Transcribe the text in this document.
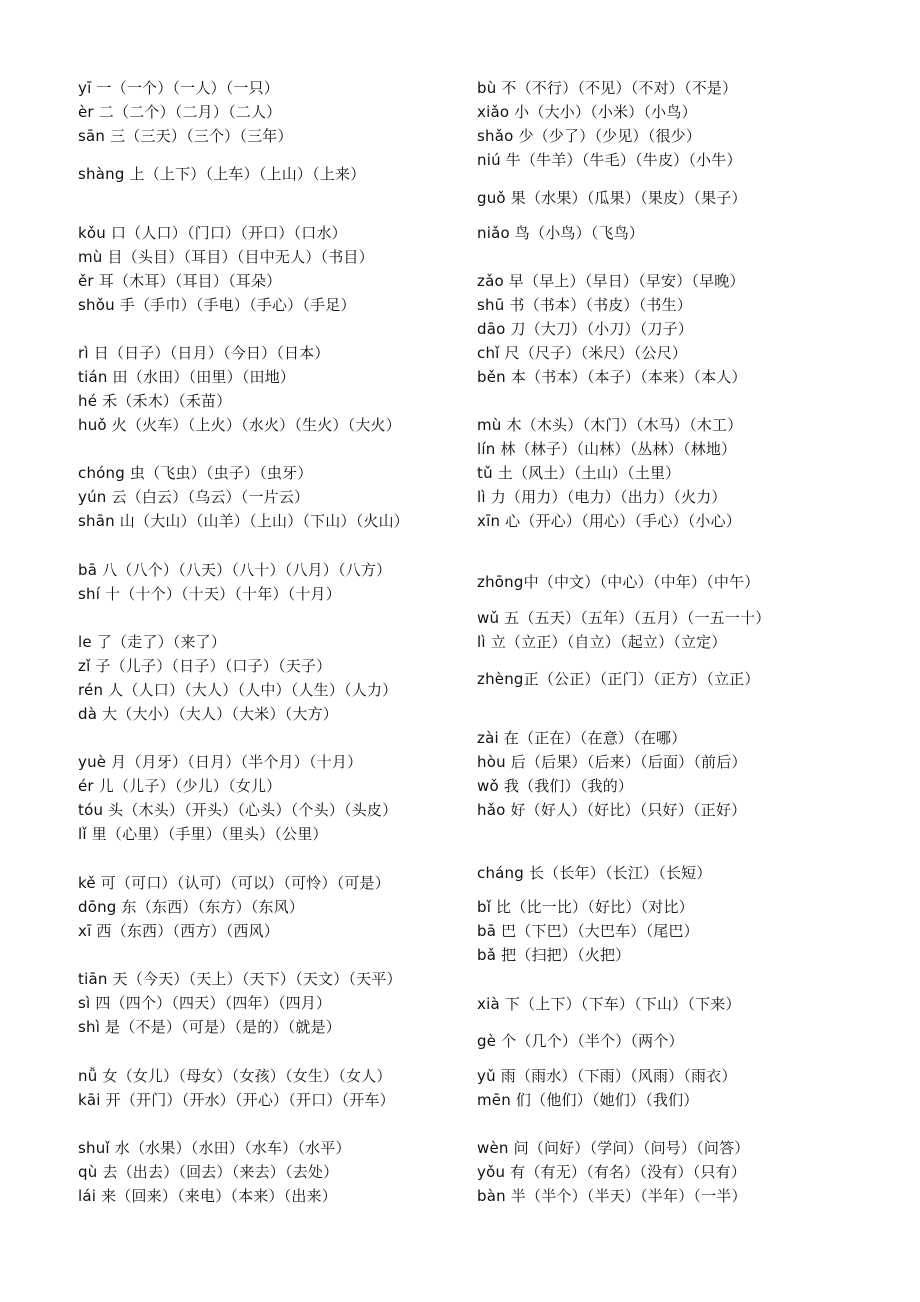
yī 一（一个）（一人）（一只）
èr 二（二个）（二月）（二人）
sān 三（三天）（三个）（三年）
shàng 上（上下）（上车）（上山）（上来）
kǒu 口（人口）（门口）（开口）（口水）
mù 目（头目）（耳目）（目中无人）（书目）
ěr 耳（木耳）（耳目）（耳朵）
shǒu 手（手巾）（手电）（手心）（手足）
rì 日（日子）（日月）（今日）（日本）
tián 田（水田）（田里）（田地）
hé 禾（禾木）（禾苗）
huǒ 火（火车）（上火）（水火）（生火）（大火）
chóng 虫（飞虫）（虫子）（虫牙）
yún 云（白云）（乌云）（一片云）
shān 山（大山）（山羊）（上山）（下山）（火山）
bā 八（八个）（八天）（八十）（八月）（八方）
shí 十（十个）（十天）（十年）（十月）
le 了（走了）（来了）
zǐ 子（儿子）（日子）（口子）（天子）
rén 人（人口）（大人）（人中）（人生）（人力）
dà 大（大小）（大人）（大米）（大方）
yuè 月（月牙）（日月）（半个月）（十月）
ér 儿（儿子）（少儿）（女儿）
tóu 头（木头）（开头）（心头）（个头）（头皮）
lǐ 里（心里）（手里）（里头）（公里）
kě 可（可口）（认可）（可以）（可怜）（可是）
dōng 东（东西）（东方）（东风）
xī 西（东西）（西方）（西风）
tiān 天（今天）（天上）（天下）（天文）（天平）
sì 四（四个）（四天）（四年）（四月）
shì 是（不是）（可是）（是的）（就是）
nǚ 女（女儿）（母女）（女孩）（女生）（女人）
kāi 开（开门）（开水）（开心）（开口）（开车）
shuǐ 水（水果）（水田）（水车）（水平）
qù 去（出去）（回去）（来去）（去处）
lái 来（回来）（来电）（本来）（出来）
bù 不（不行）（不见）（不对）（不是）
xiǎo 小（大小）（小米）（小鸟）
shǎo 少（少了）（少见）（很少）
niú 牛（牛羊）（牛毛）（牛皮）（小牛）
guǒ 果（水果）（瓜果）（果皮）（果子）
niǎo 鸟（小鸟）（飞鸟）
zǎo 早（早上）（早日）（早安）（早晚）
shū 书（书本）（书皮）（书生）
dāo 刀（大刀）（小刀）（刀子）
chǐ 尺（尺子）（米尺）（公尺）
běn 本（书本）（本子）（本来）（本人）
mù 木（木头）（木门）（木马）（木工）
lín 林（林子）（山林）（丛林）（林地）
tǔ 土（风土）（土山）（土里）
lì 力（用力）（电力）（出力）（火力）
xīn 心（开心）（用心）（手心）（小心）
zhōng中（中文）（中心）（中年）（中午）
wǔ 五（五天）（五年）（五月）（一五一十）
lì 立（立正）（自立）（起立）（立定）
zhèng正（公正）（正门）（正方）（立正）
zài 在（正在）（在意）（在哪）
hòu 后（后果）（后来）（后面）（前后）
wǒ 我（我们）（我的）
hǎo 好（好人）（好比）（只好）（正好）
cháng 长（长年）（长江）（长短）
bǐ 比（比一比）（好比）（对比）
bā 巴（下巴）（大巴车）（尾巴）
bǎ 把（扫把）（火把）
xià 下（上下）（下车）（下山）（下来）
gè 个（几个）（半个）（两个）
yǔ 雨（雨水）（下雨）（风雨）（雨衣）
mēn 们（他们）（她们）（我们）
wèn 问（问好）（学问）（问号）（问答）
yǒu 有（有无）（有名）（没有）（只有）
bàn 半（半个）（半天）（半年）（一半）
